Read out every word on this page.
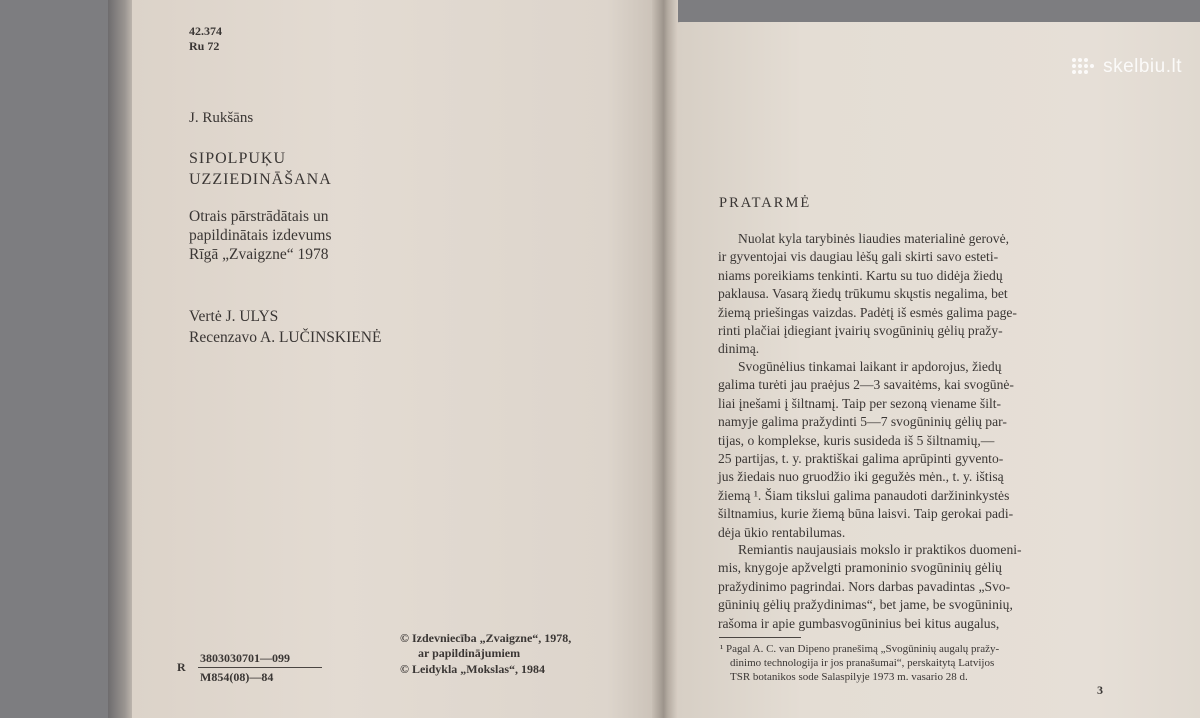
42.374
Ru 72
J. Rukšāns
SIPOLPUĶU
UZZIEDINĀŠANA
Otrais pārstrādātais un
papildinātais izdevums
Rīgā „Zvaigzne“ 1978
Vertė J. ULYS
Recenzavo A. LUČINSKIENĖ
R
3803030701—099
M854(08)—84
© Izdevniecība „Zvaigzne“, 1978,
ar papildinājumiem
© Leidykla „Mokslas“, 1984
PRATARMĖ
Nuolat kyla tarybinės liaudies materialinė gerovė,
ir gyventojai vis daugiau lėšų gali skirti savo esteti-
niams poreikiams tenkinti. Kartu su tuo didėja žiedų
paklausa. Vasarą žiedų trūkumu skųstis negalima, bet
žiemą priešingas vaizdas. Padėtį iš esmės galima page-
rinti plačiai įdiegiant įvairių svogūninių gėlių pražy-
dinimą.
Svogūnėlius tinkamai laikant ir apdorojus, žiedų
galima turėti jau praėjus 2—3 savaitėms, kai svogūnė-
liai įnešami į šiltnamį. Taip per sezoną viename šilt-
namyje galima pražydinti 5—7 svogūninių gėlių par-
tijas, o komplekse, kuris susideda iš 5 šiltnamių,—
25 partijas, t. y. praktiškai galima aprūpinti gyvento-
jus žiedais nuo gruodžio iki gegužės mėn., t. y. ištisą
žiemą ¹. Šiam tikslui galima panaudoti daržininkystės
šiltnamius, kurie žiemą būna laisvi. Taip gerokai padi-
dėja ūkio rentabilumas.
Remiantis naujausiais mokslo ir praktikos duomeni-
mis, knygoje apžvelgti pramoninio svogūninių gėlių
pražydinimo pagrindai. Nors darbas pavadintas „Svo-
gūninių gėlių pražydinimas“, bet jame, be svogūninių,
rašoma ir apie gumbasvogūninius bei kitus augalus,
¹ Pagal A. C. van Dipeno pranešimą „Svogūninių augalų pražy-
dinimo technologija ir jos pranašumai“, perskaitytą Latvijos
TSR botanikos sode Salaspilyje 1973 m. vasario 28 d.
3
skelbiu.lt
